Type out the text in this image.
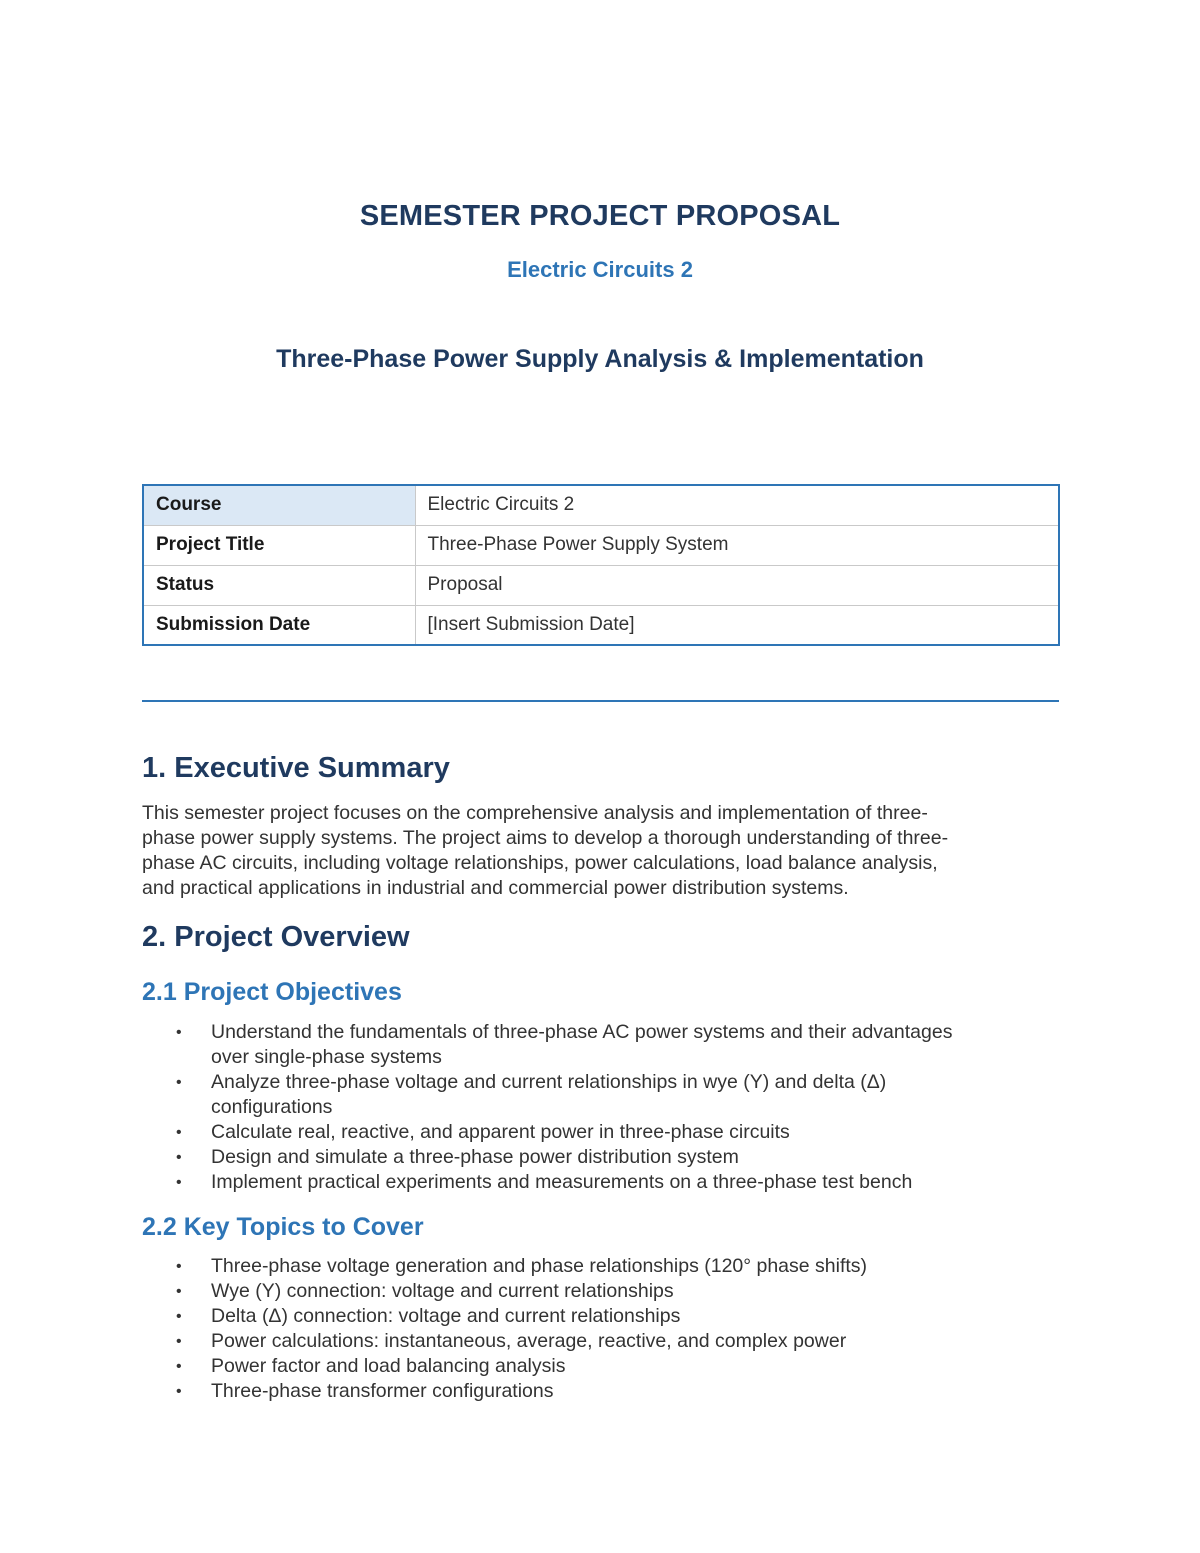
SEMESTER PROJECT PROPOSAL
Electric Circuits 2
Three-Phase Power Supply Analysis & Implementation
Course	Electric Circuits 2
Project Title	Three-Phase Power Supply System
Status	Proposal
Submission Date	[Insert Submission Date]
1. Executive Summary
This semester project focuses on the comprehensive analysis and implementation of three-
phase power supply systems. The project aims to develop a thorough understanding of three-
phase AC circuits, including voltage relationships, power calculations, load balance analysis,
and practical applications in industrial and commercial power distribution systems.
2. Project Overview
2.1 Project Objectives
• Understand the fundamentals of three-phase AC power systems and their advantages
over single-phase systems
• Analyze three-phase voltage and current relationships in wye (Y) and delta (Δ)
configurations
• Calculate real, reactive, and apparent power in three-phase circuits
• Design and simulate a three-phase power distribution system
• Implement practical experiments and measurements on a three-phase test bench
2.2 Key Topics to Cover
• Three-phase voltage generation and phase relationships (120° phase shifts)
• Wye (Y) connection: voltage and current relationships
• Delta (Δ) connection: voltage and current relationships
• Power calculations: instantaneous, average, reactive, and complex power
• Power factor and load balancing analysis
• Three-phase transformer configurations
